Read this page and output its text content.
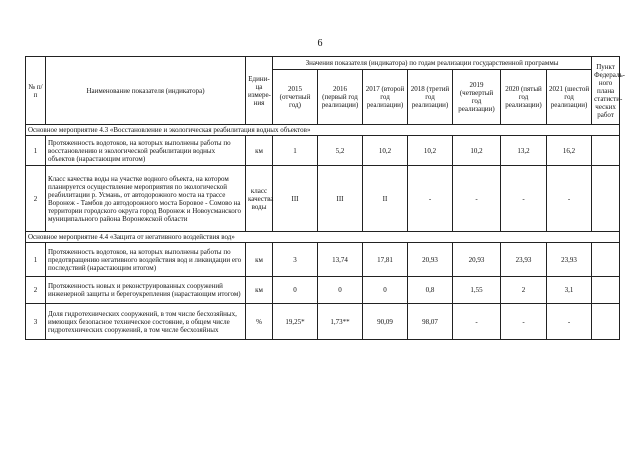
6
№ п/п	Наименование показателя (индикатора)	Едини-ца измере-ния	Значения показателя (индикатора) по годам реализации государственной программы							Пункт Федераль-ного плана статисти-ческих работ
			2015 (отчетный год)	2016 (первый год реализации)	2017 (второй год реализации)	2018 (третий год реализации)	2019 (четвертый год реализации)	2020 (пятый год реализации)	2021 (шестой год реализации)	
Основное мероприятие 4.3 «Восстановление и экологическая реабилитация водных объектов»										
1	Протяженность водотоков, на которых выполнены работы по восстановлению и экологической реабилитации водных объектов (нарастающим итогом)	км	1	5,2	10,2	10,2	10,2	13,2	16,2	
2	Класс качества воды на участке водного объекта, на котором планируется осуществление мероприятия по экологической реабилитации р. Усмань, от автодорожного моста на трассе Воронеж - Тамбов до автодорожного моста Боровое - Сомово на территории городского округа город Воронеж и Новоусманского муниципального района Воронежской области	класс качества воды	III	III	II	-	-	-	-	
Основное мероприятие 4.4 «Защита от негативного воздействия вод»										
1	Протяженность водотоков, на которых выполнены работы по предотвращению негативного воздействия вод и ликвидации его последствий (нарастающим итогом)	км	3	13,74	17,81	20,93	20,93	23,93	23,93	
2	Протяженность новых и реконструированных сооружений инженерной защиты и берегоукрепления (нарастающим итогом)	км	0	0	0	0,8	1,55	2	3,1	
3	Доля гидротехнических сооружений, в том числе бесхозяйных, имеющих безопасное техническое состояние, в общем числе гидротехнических сооружений, в том числе бесхозяйных	%	19,25*	1,73**	90,09	98,07	-	-	-	
